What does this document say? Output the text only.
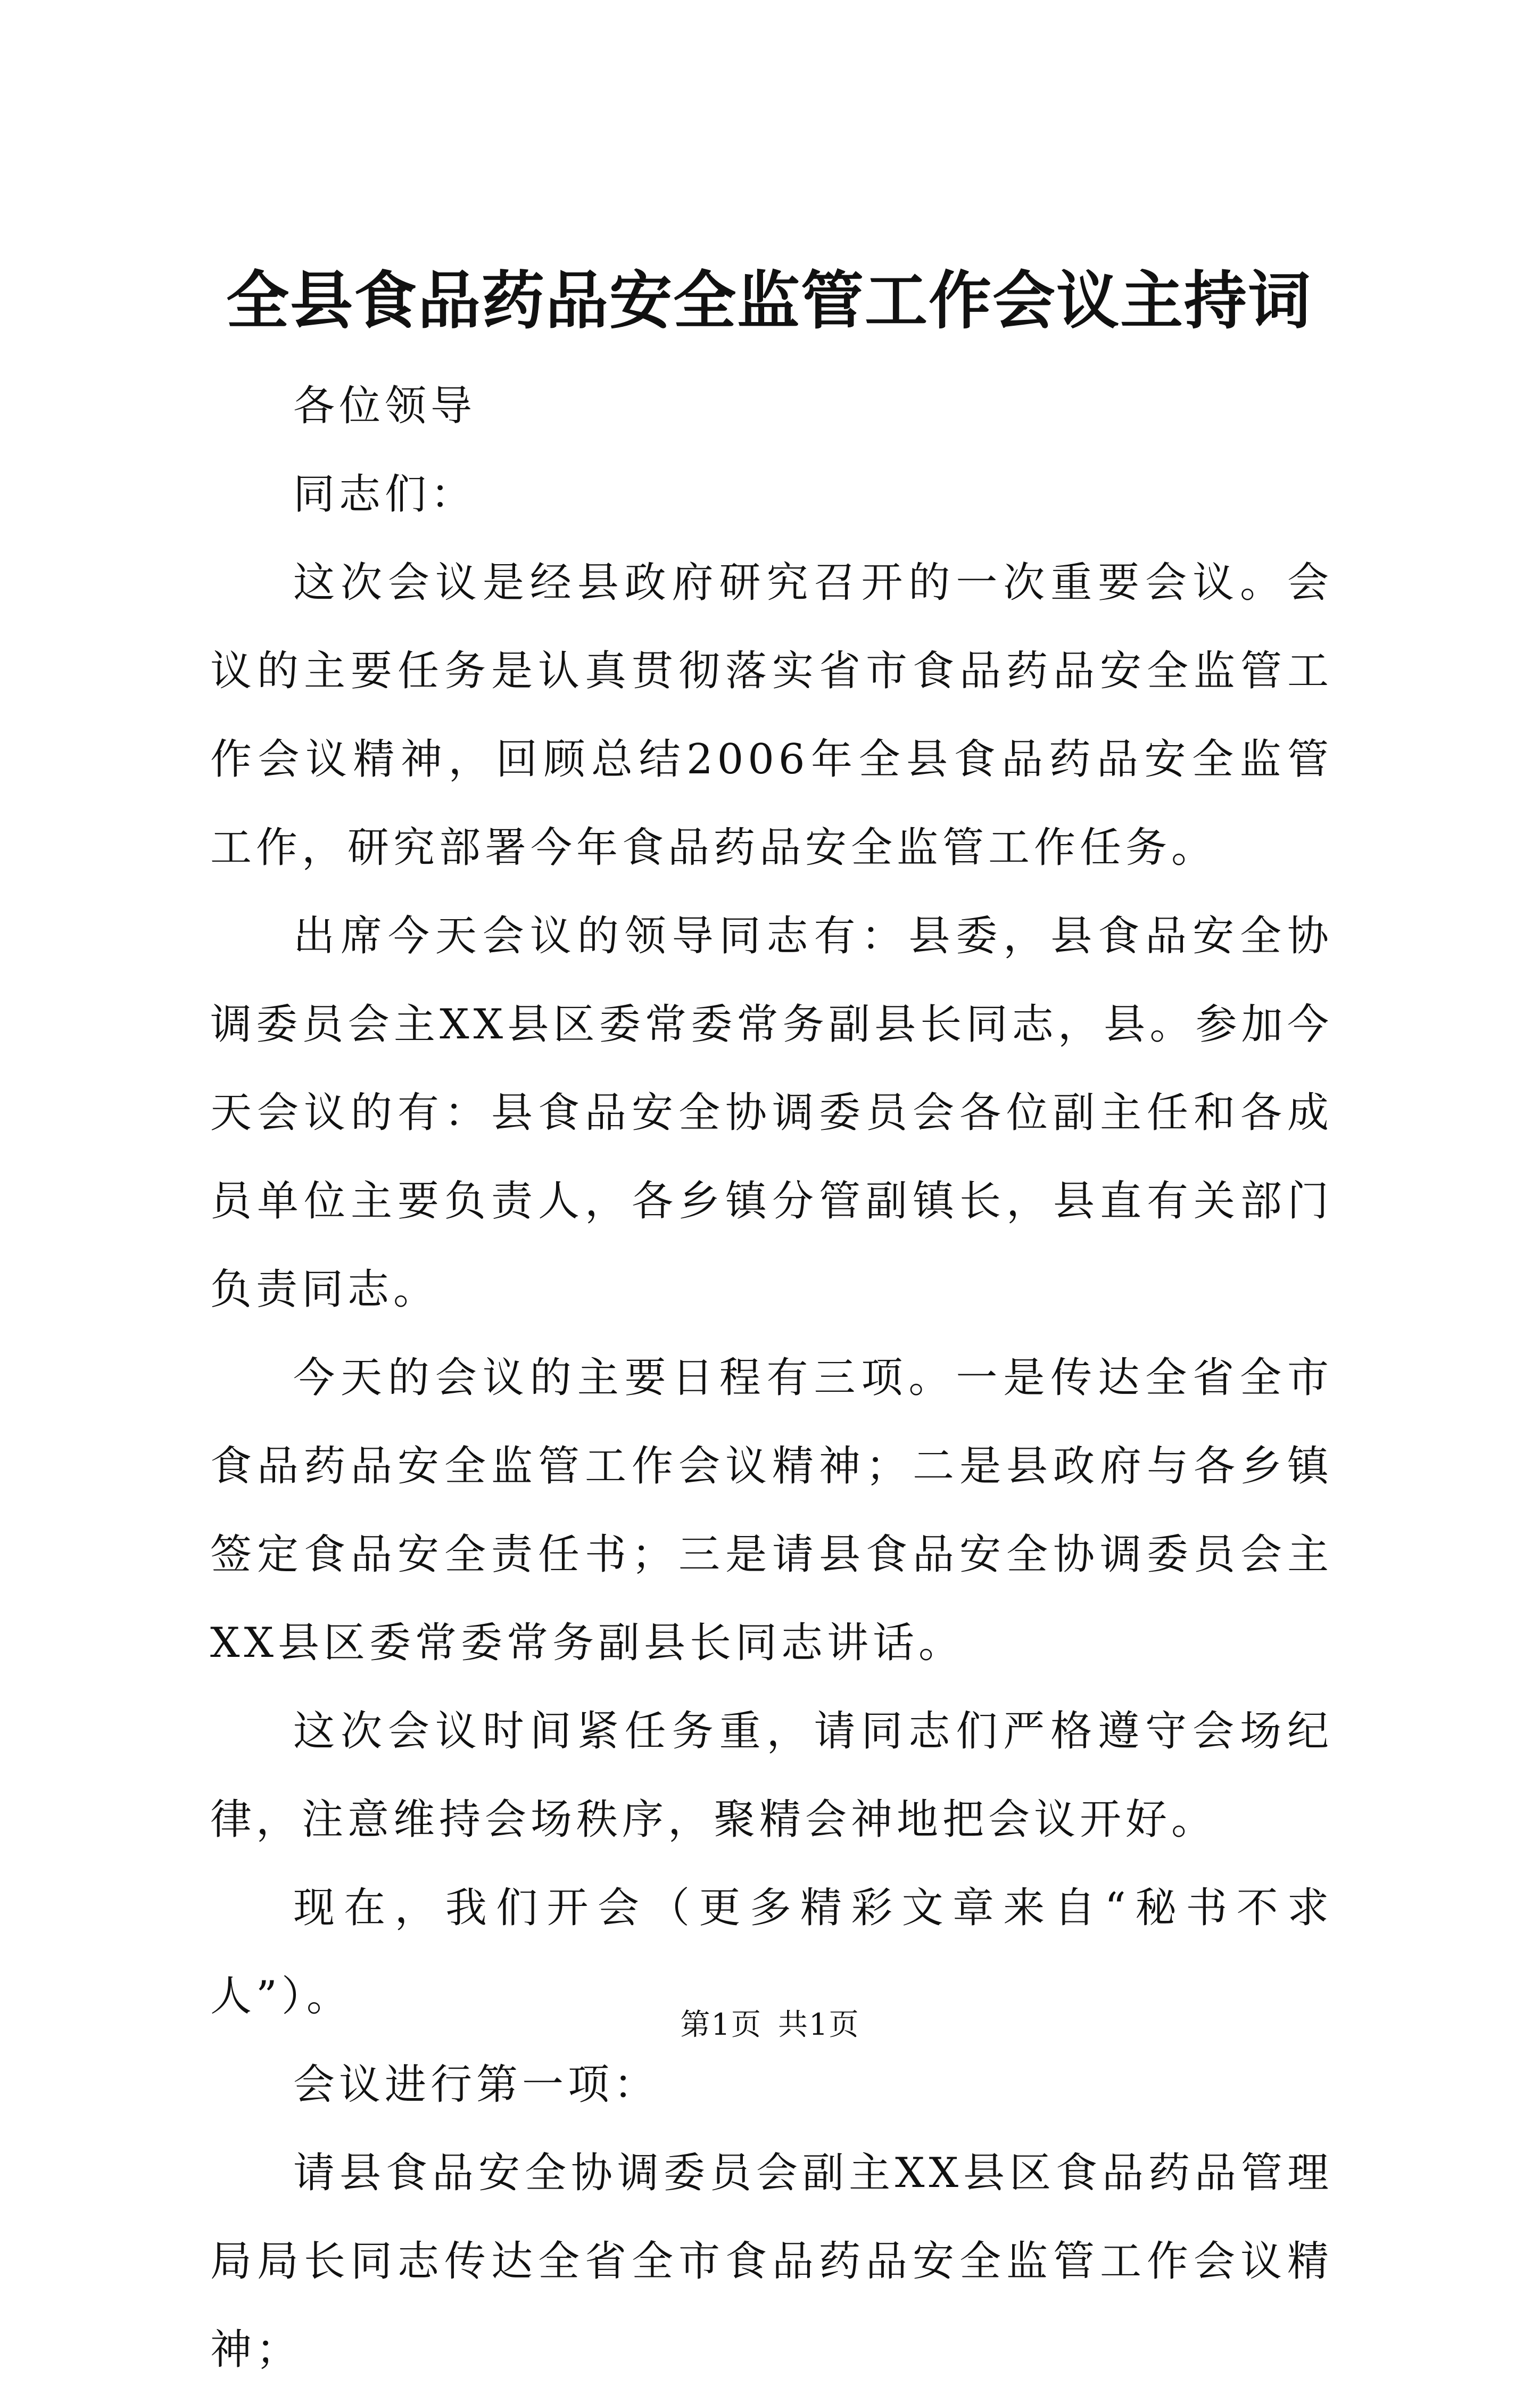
全县食品药品安全监管工作会议主持词

各位领导

同志们：

这次会议是经县政府研究召开的一次重要会议。会议的主要任务是认真贯彻落实省市食品药品安全监管工作会议精神，回顾总结2006年全县食品药品安全监管工作，研究部署今年食品药品安全监管工作任务。

出席今天会议的领导同志有：县委，县食品安全协调委员会主XX县区委常委常务副县长同志，县。参加今天会议的有：县食品安全协调委员会各位副主任和各成员单位主要负责人，各乡镇分管副镇长，县直有关部门负责同志。

今天的会议的主要日程有三项。一是传达全省全市食品药品安全监管工作会议精神；二是县政府与各乡镇签定食品安全责任书；三是请县食品安全协调委员会主XX县区委常委常务副县长同志讲话。

这次会议时间紧任务重，请同志们严格遵守会场纪律，注意维持会场秩序，聚精会神地把会议开好。

现在，我们开会（更多精彩文章来自“秘书不求人”）。

会议进行第一项：

请县食品安全协调委员会副主XX县区食品药品管理局局长同志传达全省全市食品药品安全监管工作会议精神；

第1页 共1页
